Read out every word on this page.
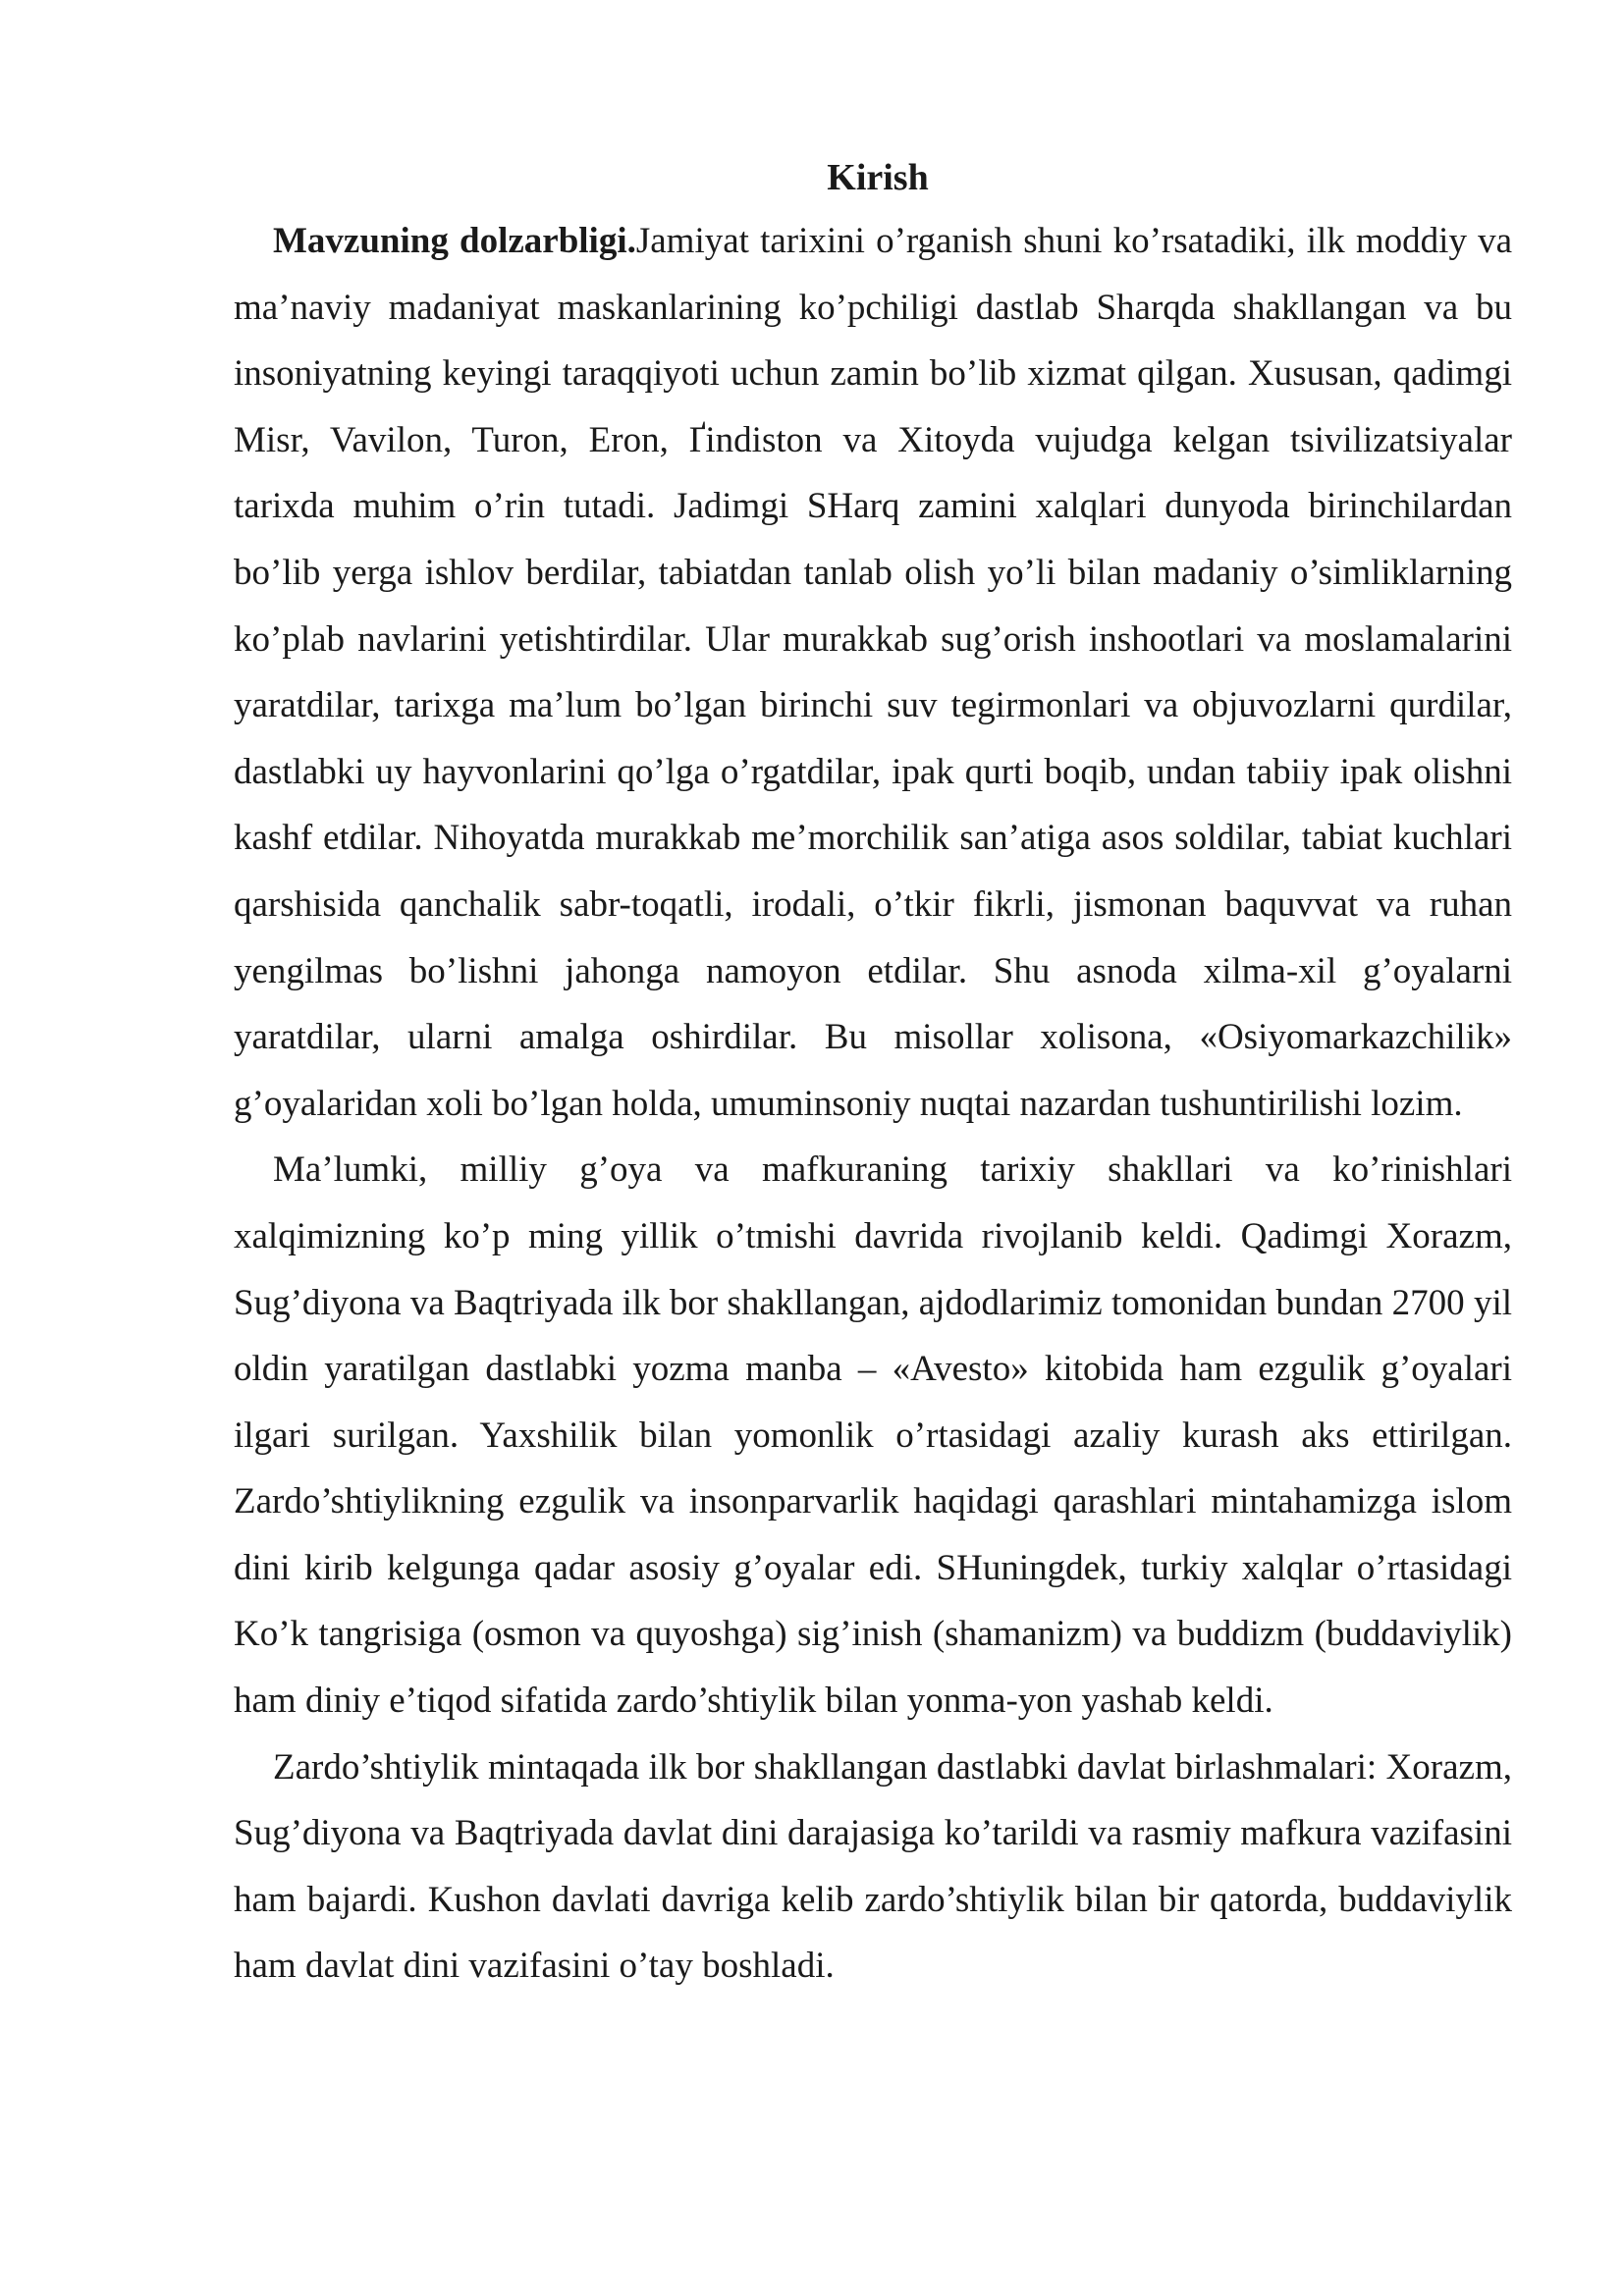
Kirish

Mavzuning dolzarbligi.Jamiyat tarixini o’rganish shuni ko’rsatadiki, ilk moddiy va ma’naviy madaniyat maskanlarining ko’pchiligi dastlab Sharqda shakllangan va bu insoniyatning keyingi taraqqiyoti uchun zamin bo’lib xizmat qilgan. Xususan, qadimgi Misr, Vavilon, Turon, Eron, Ґindiston va Xitoyda vujudga kelgan tsivilizatsiyalar tarixda muhim o’rin tutadi. Jadimgi SHarq zamini xalqlari dunyoda birinchilardan bo’lib yerga ishlov berdilar, tabiatdan tanlab olish yo’li bilan madaniy o’simliklarning ko’plab navlarini yetishtirdilar. Ular murakkab sug’orish inshootlari va moslamalarini yaratdilar, tarixga ma’lum bo’lgan birinchi suv tegirmonlari va objuvozlarni qurdilar, dastlabki uy hayvonlarini qo’lga o’rgatdilar, ipak qurti boqib, undan tabiiy ipak olishni kashf etdilar. Nihoyatda murakkab me’morchilik san’atiga asos soldilar, tabiat kuchlari qarshisida qanchalik sabr-toqatli, irodali, o’tkir fikrli, jismonan baquvvat va ruhan yengilmas bo’lishni jahonga namoyon etdilar. Shu asnoda xilma-xil g’oyalarni yaratdilar, ularni amalga oshirdilar. Bu misollar xolisona, «Osiyomarkazchilik» g’oyalaridan xoli bo’lgan holda, umuminsoniy nuqtai nazardan tushuntirilishi lozim.

Ma’lumki, milliy g’oya va mafkuraning tarixiy shakllari va ko’rinishlari xalqimizning ko’p ming yillik o’tmishi davrida rivojlanib keldi. Qadimgi Xorazm, Sug’diyona va Baqtriyada ilk bor shakllangan, ajdodlarimiz tomonidan bundan 2700 yil oldin yaratilgan dastlabki yozma manba – «Avesto» kitobida ham ezgulik g’oyalari ilgari surilgan. Yaxshilik bilan yomonlik o’rtasidagi azaliy kurash aks ettirilgan. Zardo’shtiylikning ezgulik va insonparvarlik haqidagi qarashlari mintahamizga islom dini kirib kelgunga qadar asosiy g’oyalar edi. SHuningdek, turkiy xalqlar o’rtasidagi Ko’k tangrisiga (osmon va quyoshga) sig’inish (shamanizm) va buddizm (buddaviylik) ham diniy e’tiqod sifatida zardo’shtiylik bilan yonma-yon yashab keldi.

Zardo’shtiylik mintaqada ilk bor shakllangan dastlabki davlat birlashmalari: Xorazm, Sug’diyona va Baqtriyada davlat dini darajasiga ko’tarildi va rasmiy mafkura vazifasini ham bajardi. Kushon davlati davriga kelib zardo’shtiylik bilan bir qatorda, buddaviylik ham davlat dini vazifasini o’tay boshladi.
